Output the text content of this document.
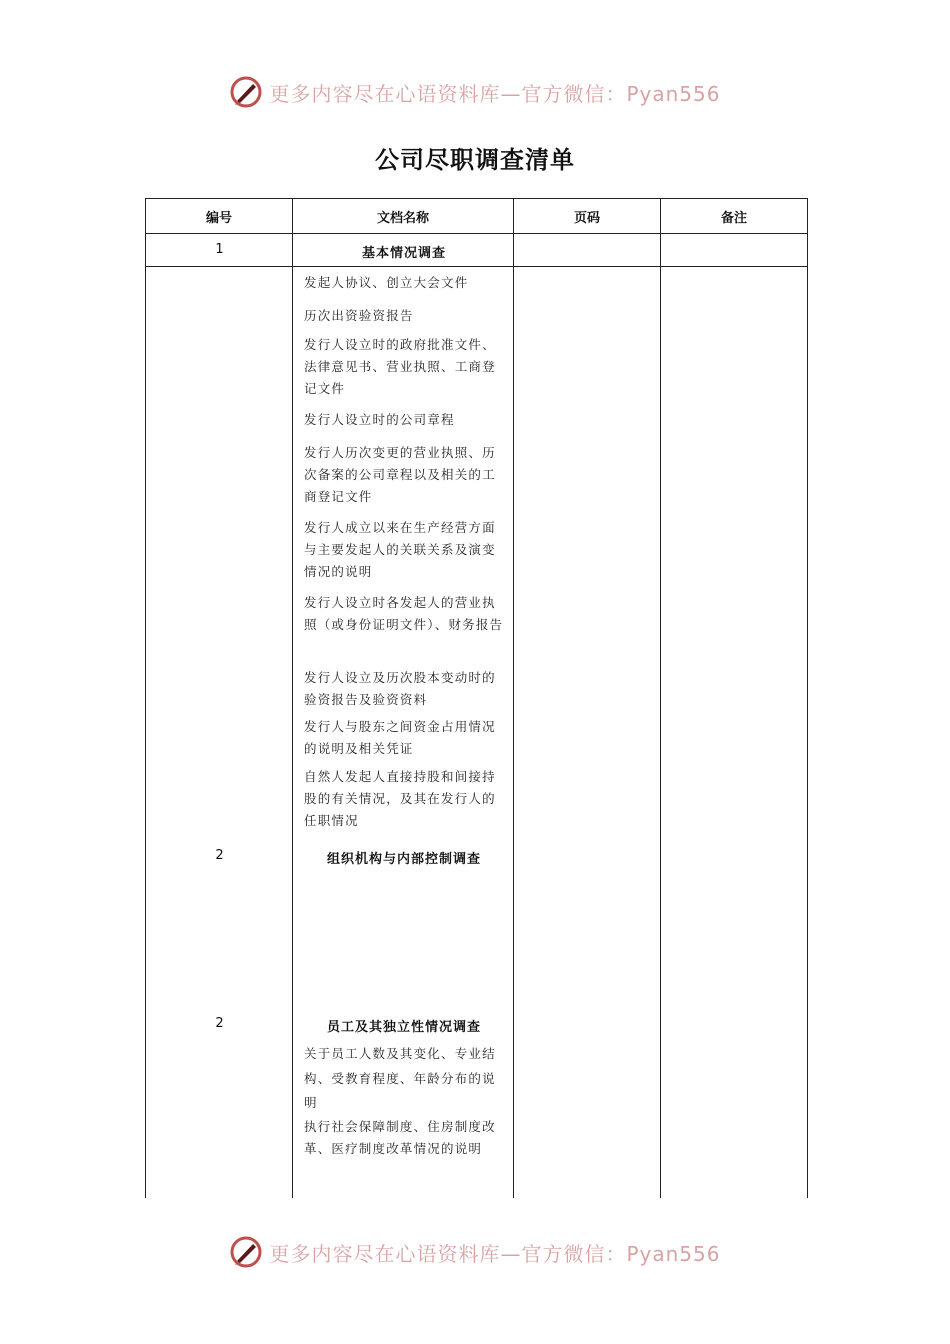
更多内容尽在心语资料库—官方微信：Pyan556
公司尽职调查清单
编号	文档名称	页码	备注
1	基本情况调查
发起人协议、创立大会文件
历次出资验资报告
发行人设立时的政府批准文件、法律意见书、营业执照、工商登记文件
发行人设立时的公司章程
发行人历次变更的营业执照、历次备案的公司章程以及相关的工商登记文件
发行人成立以来在生产经营方面与主要发起人的关联关系及演变情况的说明
发行人设立时各发起人的营业执照（或身份证明文件）、财务报告
发行人设立及历次股本变动时的验资报告及验资资料
发行人与股东之间资金占用情况的说明及相关凭证
自然人发起人直接持股和间接持股的有关情况，及其在发行人的任职情况
2	组织机构与内部控制调查
2	员工及其独立性情况调查
关于员工人数及其变化、专业结构、受教育程度、年龄分布的说明
执行社会保障制度、住房制度改革、医疗制度改革情况的说明
更多内容尽在心语资料库—官方微信：Pyan556
